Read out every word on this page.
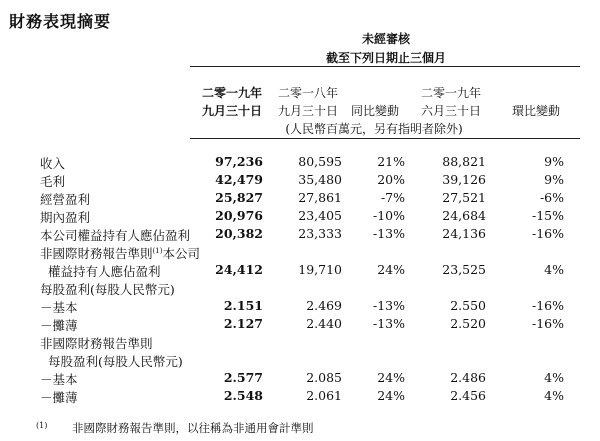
財務表現摘要
未經審核
截至下列日期止三個月
二零一九年
九月三十日
二零一八年
九月三十日	同比變動
二零一九年
六月三十日	環比變動
(人民幣百萬元，另有指明者除外)
收入	97,236	80,595	21%	88,821	9%
毛利	42,479	35,480	20%	39,126	9%
經營盈利	25,827	27,861	-7%	27,521	-6%
期內盈利	20,976	23,405 -10%	24,684	-15%
本公司權益持有人應佔盈利 20,382	23,333 -13%	24,136	-16%
非國際財務報告準則$^{(1)}$本公司
權益持有人應佔盈利	24,412	19,710	24%	23,525	4%
每股盈利(每股人民幣元)
－基本	2.151	2.469 -13%	2.550	-16%
－攤薄	2.127	2.440 -13%	2.520	-16%
非國際財務報告準則
每股盈利(每股人民幣元)
－基本	2.577	2.085	24%	2.486	4%
－攤薄	2.548	2.061	24%	2.456	4%
(1) 非國際財務報告準則，以往稱為非通用會計準則
